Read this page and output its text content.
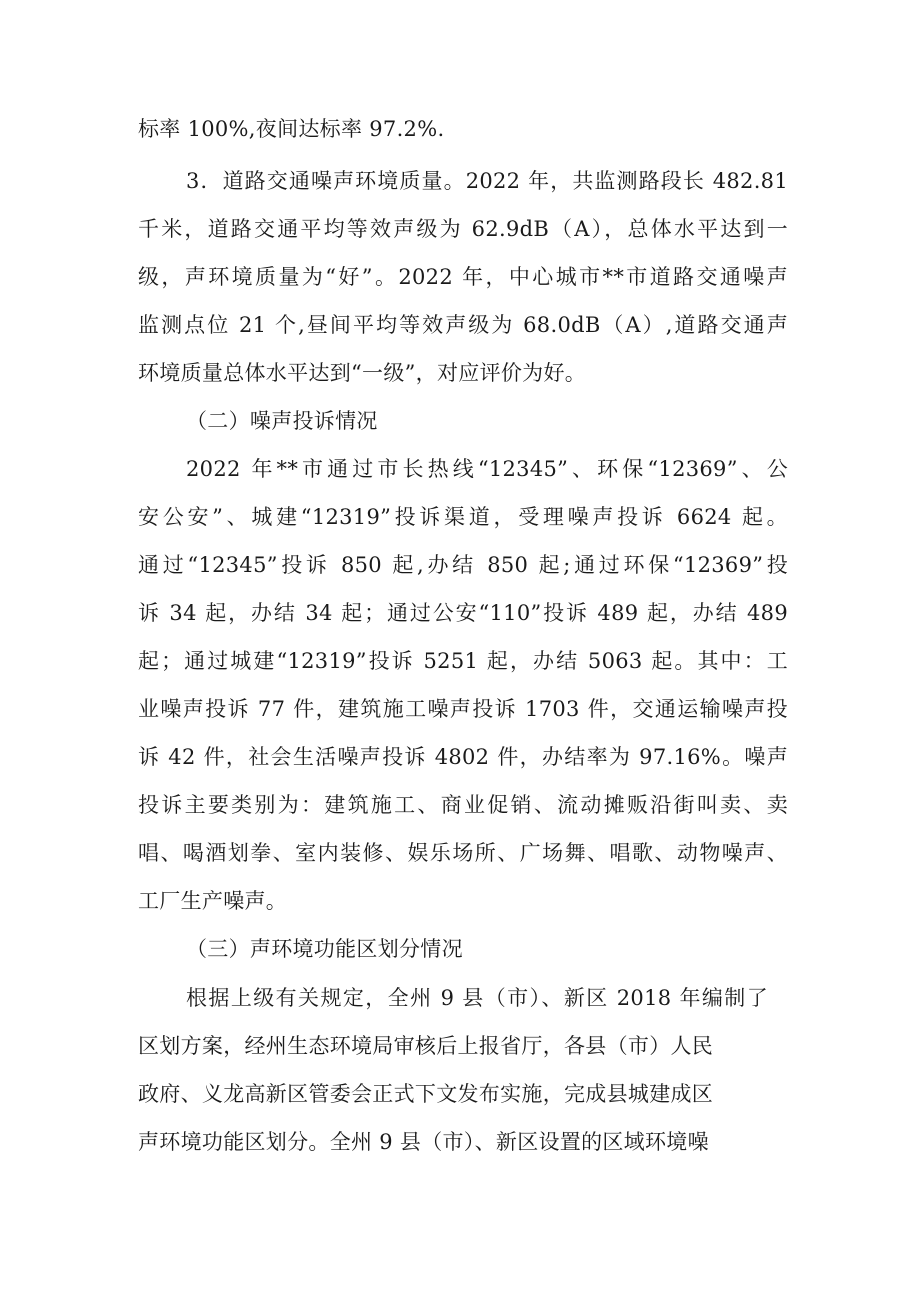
标率 100%,夜间达标率 97.2%.
3．道路交通噪声环境质量。2022 年，共监测路段长 482.81
千米，道路交通平均等效声级为 62.9dB（A），总体水平达到一
级，声环境质量为“好”。2022 年，中心城市**市道路交通噪声
监测点位 21 个,昼间平均等效声级为 68.0dB（A）,道路交通声
环境质量总体水平达到“一级”，对应评价为好。
（二）噪声投诉情况
2022 年**市通过市长热线“12345”、环保“12369”、公
安公安”、城建“12319”投诉渠道，受理噪声投诉 6624 起。
通过“12345”投诉 850 起,办结 850 起;通过环保“12369”投
诉 34 起，办结 34 起；通过公安“110”投诉 489 起，办结 489
起；通过城建“12319”投诉 5251 起，办结 5063 起。其中：工
业噪声投诉 77 件，建筑施工噪声投诉 1703 件，交通运输噪声投
诉 42 件，社会生活噪声投诉 4802 件，办结率为 97.16%。噪声
投诉主要类别为：建筑施工、商业促销、流动摊贩沿街叫卖、卖
唱、喝酒划拳、室内装修、娱乐场所、广场舞、唱歌、动物噪声、
工厂生产噪声。
（三）声环境功能区划分情况
根据上级有关规定，全州 9 县（市）、新区 2018 年编制了
区划方案，经州生态环境局审核后上报省厅，各县（市）人民
政府、义龙高新区管委会正式下文发布实施，完成县城建成区
声环境功能区划分。全州 9 县（市）、新区设置的区域环境噪
